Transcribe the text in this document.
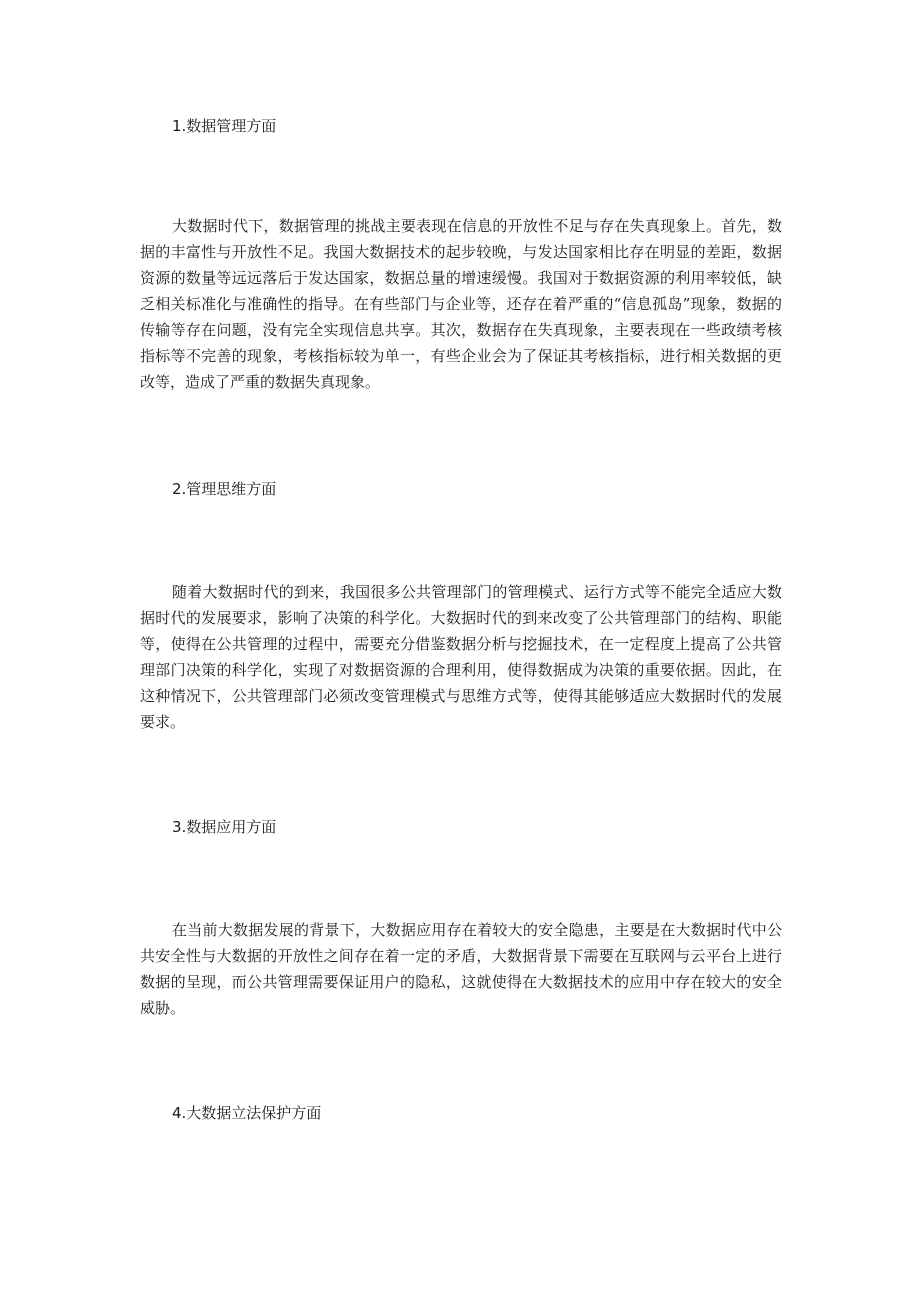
1.数据管理方面

大数据时代下，数据管理的挑战主要表现在信息的开放性不足与存在失真现象上。首先，数据的丰富性与开放性不足。我国大数据技术的起步较晚，与发达国家相比存在明显的差距，数据资源的数量等远远落后于发达国家，数据总量的增速缓慢。我国对于数据资源的利用率较低，缺乏相关标准化与准确性的指导。在有些部门与企业等，还存在着严重的“信息孤岛”现象，数据的传输等存在问题，没有完全实现信息共享。其次，数据存在失真现象，主要表现在一些政绩考核指标等不完善的现象，考核指标较为单一，有些企业会为了保证其考核指标，进行相关数据的更改等，造成了严重的数据失真现象。

2.管理思维方面

随着大数据时代的到来，我国很多公共管理部门的管理模式、运行方式等不能完全适应大数据时代的发展要求，影响了决策的科学化。大数据时代的到来改变了公共管理部门的结构、职能等，使得在公共管理的过程中，需要充分借鉴数据分析与挖掘技术，在一定程度上提高了公共管理部门决策的科学化，实现了对数据资源的合理利用，使得数据成为决策的重要依据。因此，在这种情况下，公共管理部门必须改变管理模式与思维方式等，使得其能够适应大数据时代的发展要求。

3.数据应用方面

在当前大数据发展的背景下，大数据应用存在着较大的安全隐患，主要是在大数据时代中公共安全性与大数据的开放性之间存在着一定的矛盾，大数据背景下需要在互联网与云平台上进行数据的呈现，而公共管理需要保证用户的隐私，这就使得在大数据技术的应用中存在较大的安全威胁。

4.大数据立法保护方面
